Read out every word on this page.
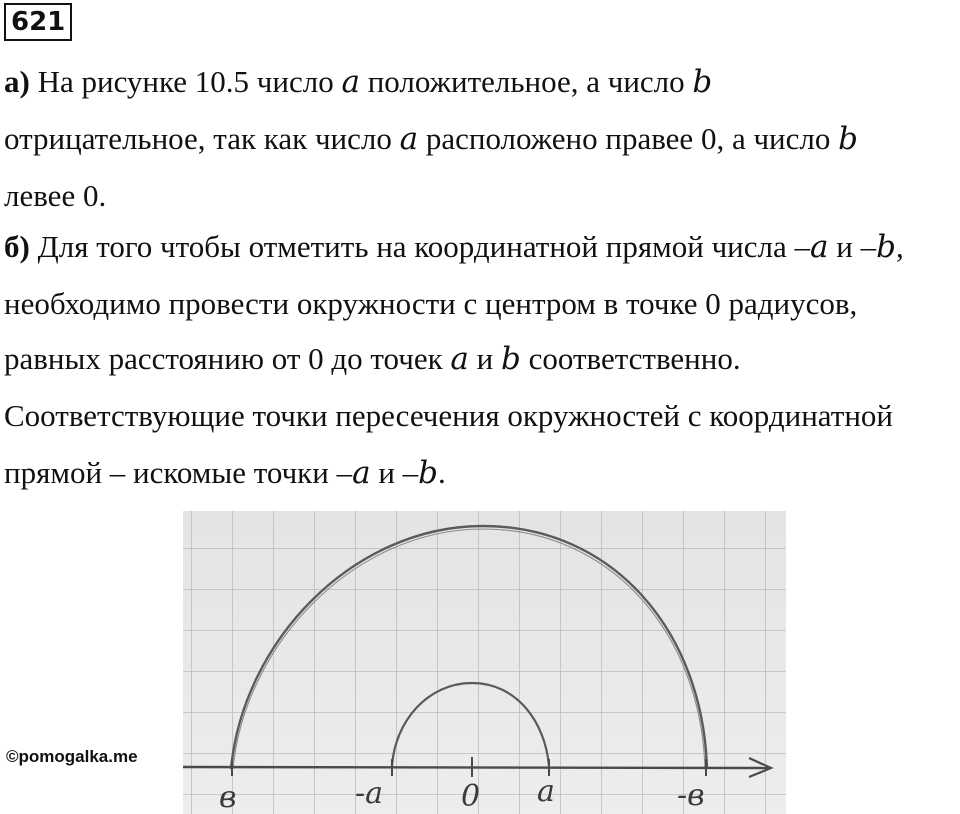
621
а) На рисунке 10.5 число a положительное, а число b
отрицательное, так как число a расположено правее 0, а число b
левее 0.
б) Для того чтобы отметить на координатной прямой числа –a и –b,
необходимо провести окружности с центром в точке 0 радиусов,
равных расстоянию от 0 до точек a и b соответственно.
Соответствующие точки пересечения окружностей с координатной
прямой – искомые точки –a и –b.
в	-a	0 a	-в
©pomogalka.me
